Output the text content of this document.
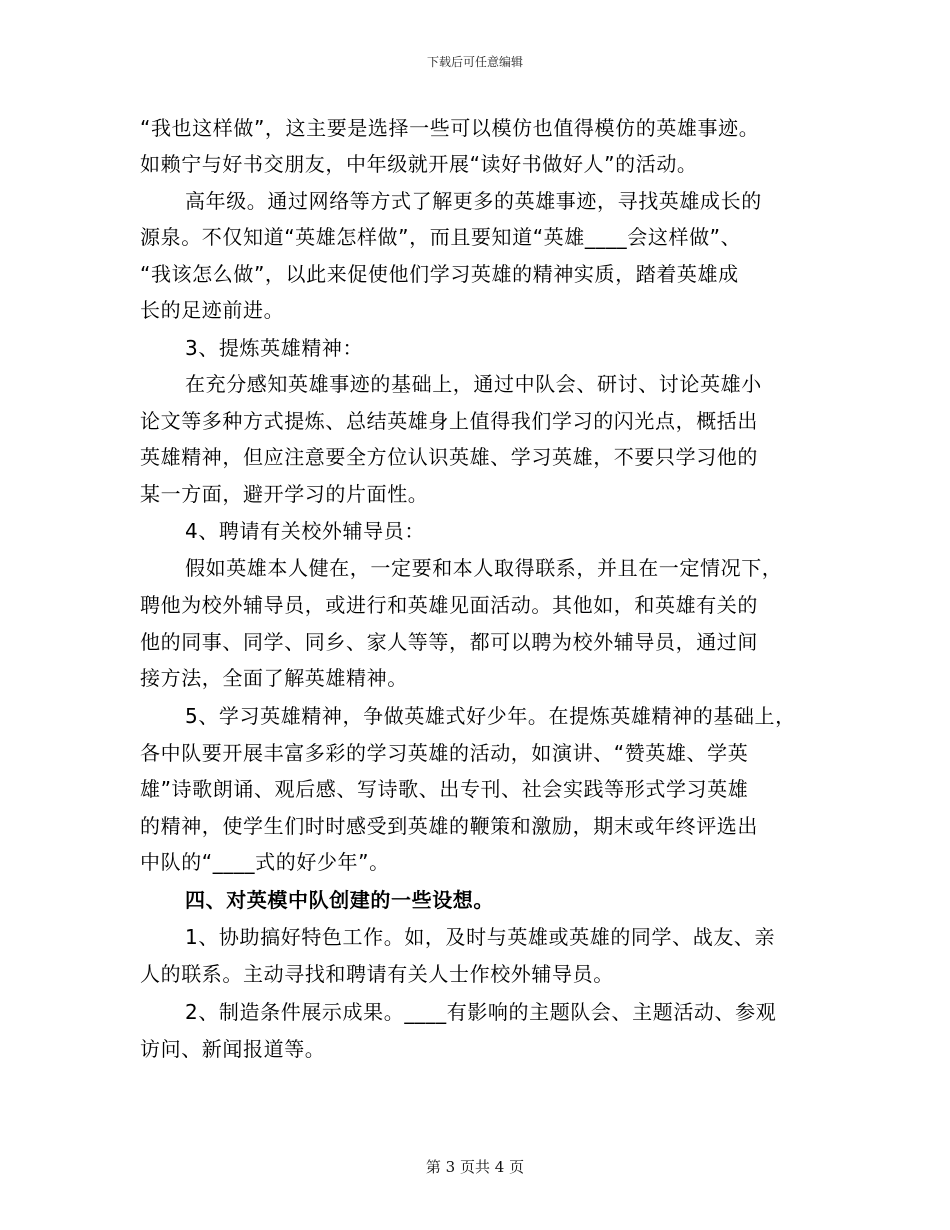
下载后可任意编辑
“我也这样做”，这主要是选择一些可以模仿也值得模仿的英雄事迹。
如赖宁与好书交朋友，中年级就开展“读好书做好人”的活动。
高年级。通过网络等方式了解更多的英雄事迹，寻找英雄成长的
源泉。不仅知道“英雄怎样做”，而且要知道“英雄____会这样做”、
“我该怎么做”，以此来促使他们学习英雄的精神实质，踏着英雄成
长的足迹前进。
3、提炼英雄精神：
在充分感知英雄事迹的基础上，通过中队会、研讨、讨论英雄小
论文等多种方式提炼、总结英雄身上值得我们学习的闪光点，概括出
英雄精神，但应注意要全方位认识英雄、学习英雄，不要只学习他的
某一方面，避开学习的片面性。
4、聘请有关校外辅导员：
假如英雄本人健在，一定要和本人取得联系，并且在一定情况下，
聘他为校外辅导员，或进行和英雄见面活动。其他如，和英雄有关的
他的同事、同学、同乡、家人等等，都可以聘为校外辅导员，通过间
接方法，全面了解英雄精神。
5、学习英雄精神，争做英雄式好少年。在提炼英雄精神的基础上，
各中队要开展丰富多彩的学习英雄的活动，如演讲、“赞英雄、学英
雄”诗歌朗诵、观后感、写诗歌、出专刊、社会实践等形式学习英雄
的精神，使学生们时时感受到英雄的鞭策和激励，期末或年终评选出
中队的“____式的好少年”。
四、对英模中队创建的一些设想。
1、协助搞好特色工作。如，及时与英雄或英雄的同学、战友、亲
人的联系。主动寻找和聘请有关人士作校外辅导员。
2、制造条件展示成果。____有影响的主题队会、主题活动、参观
访问、新闻报道等。
第 3 页共 4 页
